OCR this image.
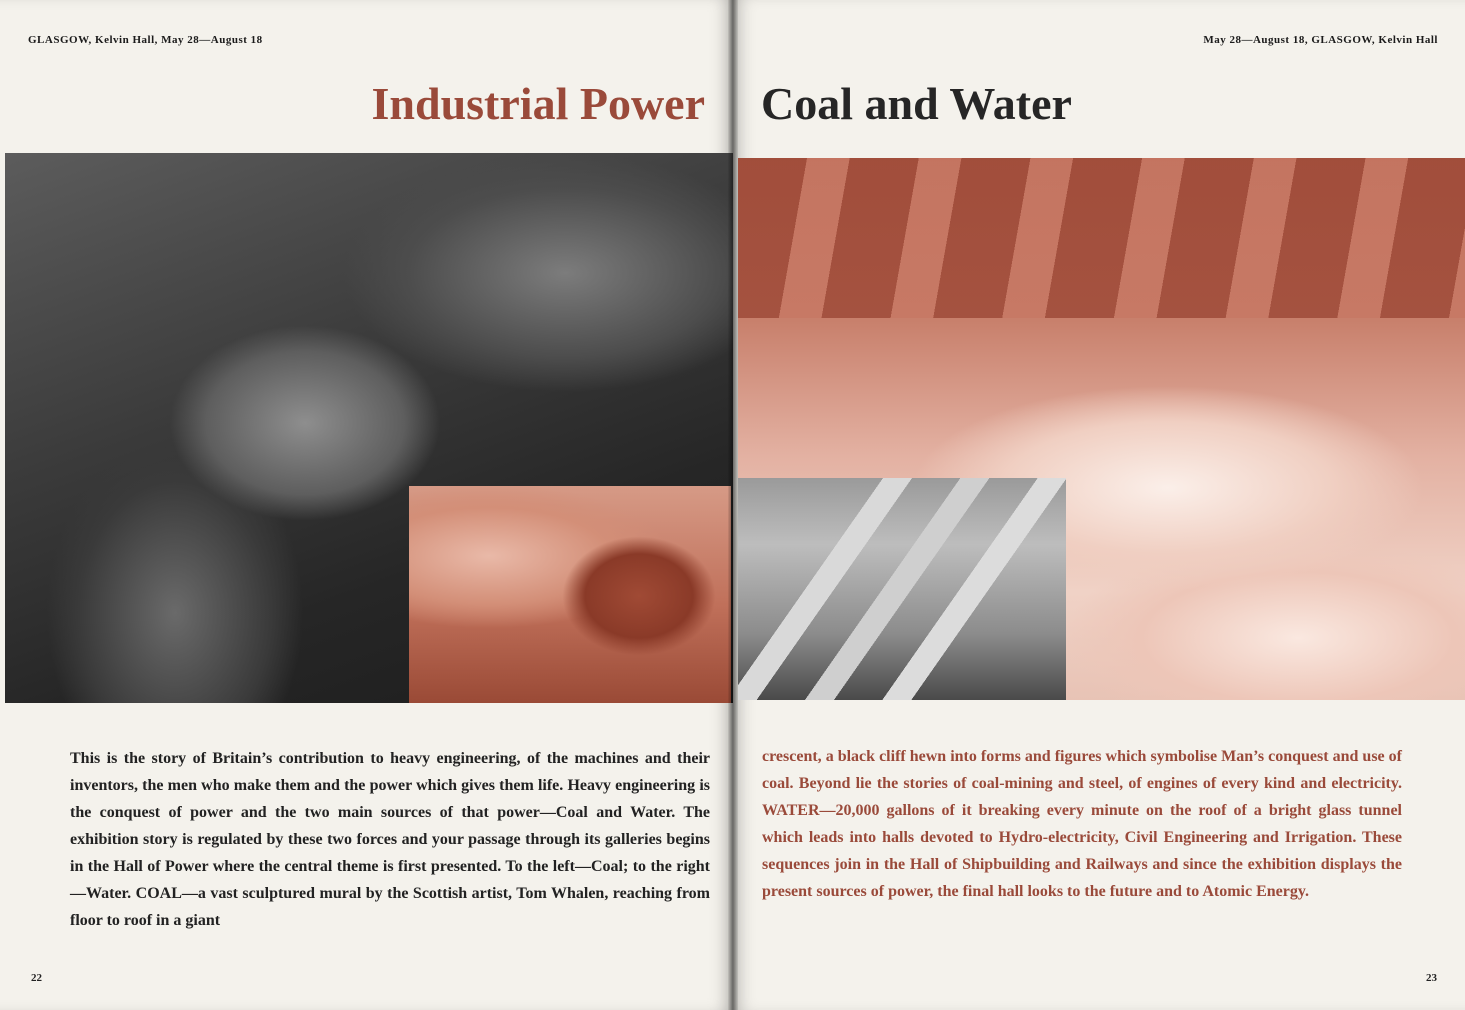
GLASGOW, Kelvin Hall, May 28—August 18
Industrial Power

This is the story of Britain’s contribution to heavy engineering, of the machines and their inventors, the men who make them and the power which gives them life. Heavy engineering is the conquest of power and the two main sources of that power—Coal and Water. The exhibition story is regulated by these two forces and your passage through its galleries begins in the Hall of Power where the central theme is first presented. To the left—Coal; to the right—Water. COAL—a vast sculptured mural by the Scottish artist, Tom Whalen, reaching from floor to roof in a giant

22
May 28—August 18, GLASGOW, Kelvin Hall
Coal and Water

crescent, a black cliff hewn into forms and figures which symbolise Man’s conquest and use of coal. Beyond lie the stories of coal-mining and steel, of engines of every kind and electricity. WATER—20,000 gallons of it breaking every minute on the roof of a bright glass tunnel which leads into halls devoted to Hydro-electricity, Civil Engineering and Irrigation. These sequences join in the Hall of Shipbuilding and Railways and since the exhibition displays the present sources of power, the final hall looks to the future and to Atomic Energy.

23
